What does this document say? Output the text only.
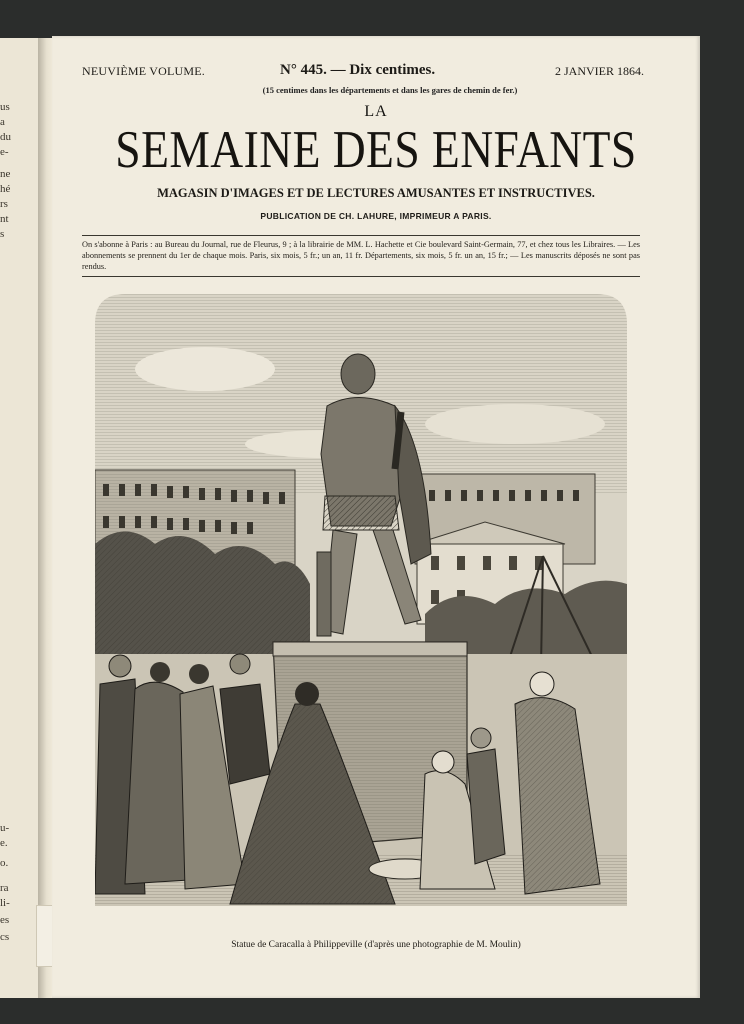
us
a
du
e-
ne
hé
rs
nt
s
u-
e.
o.
ra
li-
es
cs
NEUVIÈME VOLUME.	N° 445. — Dix centimes.	2 JANVIER 1864.
(15 centimes dans les départements et dans les gares de chemin de fer.)
LA
SEMAINE DES ENFANTS
MAGASIN D'IMAGES ET DE LECTURES AMUSANTES ET INSTRUCTIVES.
PUBLICATION DE CH. LAHURE, IMPRIMEUR A PARIS.
On s'abonne à Paris : au Bureau du Journal, rue de Fleurus, 9 ; à la librairie de MM. L. Hachette et Cie boulevard Saint-Germain, 77, et chez tous les Libraires. — Les abonnements se prennent du 1er de chaque mois. Paris, six mois, 5 fr.; un an, 11 fr. Départements, six mois, 5 fr. un an, 15 fr.; — Les manuscrits déposés ne sont pas rendus.
Statue de Caracalla à Philippeville (d'après une photographie de M. Moulin)
